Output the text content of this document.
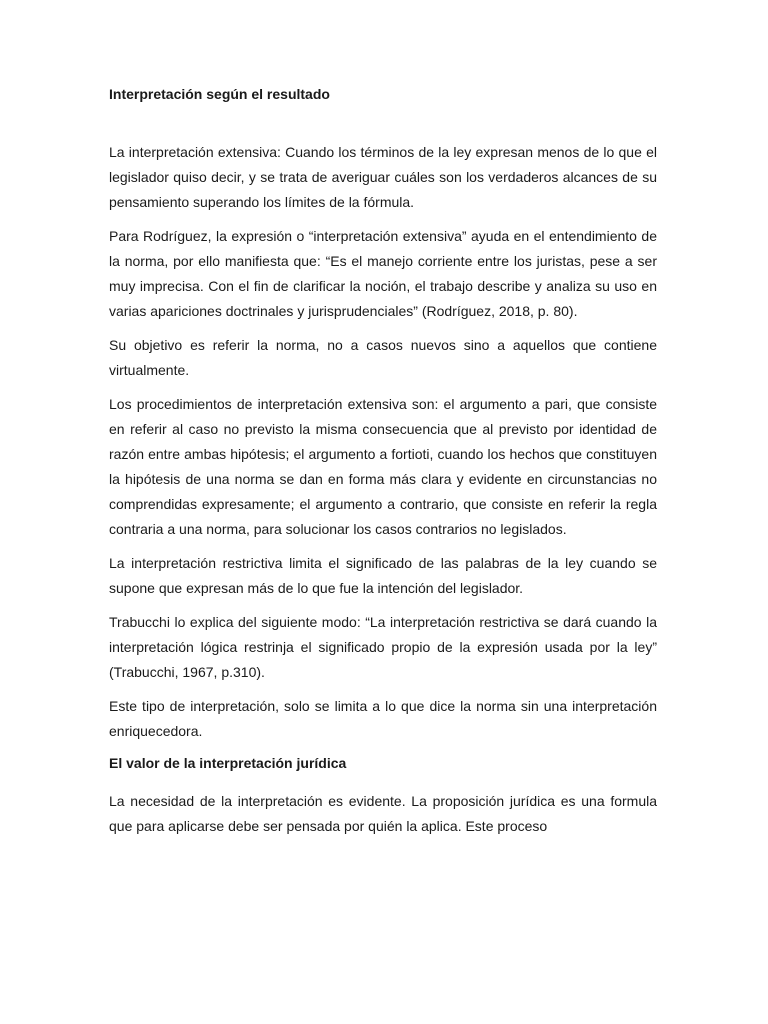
Interpretación según el resultado

La interpretación extensiva: Cuando los términos de la ley expresan menos de lo que el legislador quiso decir, y se trata de averiguar cuáles son los verdaderos alcances de su pensamiento superando los límites de la fórmula.

Para Rodríguez, la expresión o “interpretación extensiva” ayuda en el entendimiento de la norma, por ello manifiesta que: “Es el manejo corriente entre los juristas, pese a ser muy imprecisa. Con el fin de clarificar la noción, el trabajo describe y analiza su uso en varias apariciones doctrinales y jurisprudenciales” (Rodríguez, 2018, p. 80).

Su objetivo es referir la norma, no a casos nuevos sino a aquellos que contiene virtualmente.

Los procedimientos de interpretación extensiva son: el argumento a pari, que consiste en referir al caso no previsto la misma consecuencia que al previsto por identidad de razón entre ambas hipótesis; el argumento a fortioti, cuando los hechos que constituyen la hipótesis de una norma se dan en forma más clara y evidente en circunstancias no comprendidas expresamente; el argumento a contrario, que consiste en referir la regla contraria a una norma, para solucionar los casos contrarios no legislados.

La interpretación restrictiva limita el significado de las palabras de la ley cuando se supone que expresan más de lo que fue la intención del legislador.

Trabucchi lo explica del siguiente modo: “La interpretación restrictiva se dará cuando la interpretación lógica restrinja el significado propio de la expresión usada por la ley” (Trabucchi, 1967, p.310).

Este tipo de interpretación, solo se limita a lo que dice la norma sin una interpretación enriquecedora.

El valor de la interpretación jurídica

La necesidad de la interpretación es evidente. La proposición jurídica es una formula que para aplicarse debe ser pensada por quién la aplica. Este proceso
